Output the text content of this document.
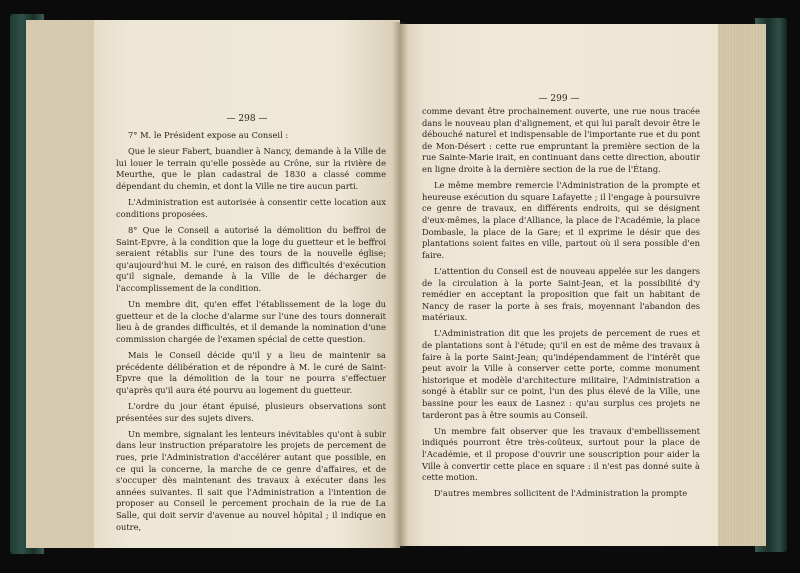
— 298 —

7° M. le Président expose au Conseil :

Que le sieur Fabert, buandier à Nancy, demande à la Ville de lui louer le terrain qu'elle possède au Crône, sur la rivière de Meurthe, que le plan cadastral de 1830 a classé comme dépendant du chemin, et dont la Ville ne tire aucun parti.

L'Administration est autorisée à consentir cette location aux conditions proposées.

8° Que le Conseil a autorisé la démolition du beffroi de Saint-Epvre, à la condition que la loge du guetteur et le beffroi seraient rétablis sur l'une des tours de la nouvelle église; qu'aujourd'hui M. le curé, en raison des difficultés d'exécution qu'il signale, demande à la Ville de le décharger de l'accomplissement de la condition.

Un membre dit, qu'en effet l'établissement de la loge du guetteur et de la cloche d'alarme sur l'une des tours donnerait lieu à de grandes difficultés, et il demande la nomination d'une commission chargée de l'examen spécial de cette question.

Mais le Conseil décide qu'il y a lieu de maintenir sa précédente délibération et de répondre à M. le curé de Saint-Epvre que la démolition de la tour ne pourra s'effectuer qu'après qu'il aura été pourvu au logement du guetteur.

L'ordre du jour étant épuisé, plusieurs observations sont présentées sur des sujets divers.

Un membre, signalant les lenteurs inévitables qu'ont à subir dans leur instruction préparatoire les projets de percement de rues, prie l'Administration d'accélérer autant que possible, en ce qui la concerne, la marche de ce genre d'affaires, et de s'occuper dès maintenant des travaux à exécuter dans les années suivantes. Il sait que l'Administration a l'intention de proposer au Conseil le percement prochain de la rue de La Salle, qui doit servir d'avenue au nouvel hôpital ; il indique en outre,

— 299 —

comme devant être prochainement ouverte, une rue nous tracée dans le nouveau plan d'alignement, et qui lui paraît devoir être le débouché naturel et indispensable de l'importante rue et du pont de Mon-Désert : cette rue empruntant la première section de la rue Sainte-Marie irait, en continuant dans cette direction, aboutir en ligne droite à la dernière section de la rue de l'Étang.

Le même membre remercie l'Administration de la prompte et heureuse exécution du square Lafayette ; il l'engage à poursuivre ce genre de travaux, en différents endroits, qui se désignent d'eux-mêmes, la place d'Alliance, la place de l'Académie, la place Dombasle, la place de la Gare; et il exprime le désir que des plantations soient faites en ville, partout où il sera possible d'en faire.

L'attention du Conseil est de nouveau appelée sur les dangers de la circulation à la porte Saint-Jean, et la possibilité d'y remédier en acceptant la proposition que fait un habitant de Nancy de raser la porte à ses frais, moyennant l'abandon des matériaux.

L'Administration dit que les projets de percement de rues et de plantations sont à l'étude; qu'il en est de même des travaux à faire à la porte Saint-Jean; qu'indépendamment de l'intérêt que peut avoir la Ville à conserver cette porte, comme monument historique et modèle d'architecture militaire, l'Administration a songé à établir sur ce point, l'un des plus élevé de la Ville, une bassine pour les eaux de Lasnez : qu'au surplus ces projets ne tarderont pas à être soumis au Conseil.

Un membre fait observer que les travaux d'embellissement indiqués pourront être très-coûteux, surtout pour la place de l'Académie, et il propose d'ouvrir une souscription pour aider la Ville à convertir cette place en square : il n'est pas donné suite à cette motion.

D'autres membres sollicitent de l'Administration la prompte
